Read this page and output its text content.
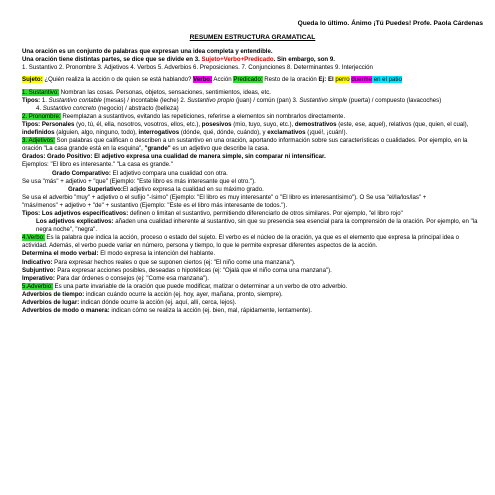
Queda lo último. Ánimo ¡Tú Puedes! Profe. Paola Cárdenas

RESUMEN ESTRUCTURA GRAMATICAL

Una oración es un conjunto de palabras que expresan una idea completa y entendible.

Una oración tiene distintas partes, se dice que se divide en 3. Sujeto+Verbo+Predicado. Sin embargo, son 9.

1. Sustantivo 2. Pronombre 3. Adjetivos 4. Verbos 5. Adverbios 6. Preposiciones. 7. Conjunciones 8. Determinantes 9. Interjección

Sujeto: ¿Quién realiza la acción o de quien se está hablando? Verbo: Acción Predicado: Resto de la oración Ej: El perro duerme en el patio

1. Sustantivo: Nombran las cosas. Personas, objetos, sensaciones, sentimientos, ideas, etc.

Tipos: 1. Sustantivo contable (mesas) / incontable (leche) 2. Sustantivo propio (juan) / común (pan) 3. Sustantivo simple (puerta) / compuesto (lavacoches)

4. Sustantivo concreto (negocio) / abstracto (belleza)

2. Pronombre: Reemplazan a sustantivos, evitando las repeticiones, referirse a elementos sin nombrarlos directamente.

Tipos: Personales (yo, tú, él, ella, nosotros, vosotros, ellos, etc.), posesivos (mio, tuyo, suyo, etc.), demostrativos (este, ese, aquel), relativos (que, quien, el cual), indefinidos (alguien, algo, ninguno, todo), interrogativos (dónde, qué, dónde, cuándo), y exclamativos (¡qué!, ¡cuán!).

3. Adjetivos: Son palabras que califican o describen a un sustantivo en una oración, aportando información sobre sus características o cualidades. Por ejemplo, en la oración "La casa grande está en la esquina", "grande" es un adjetivo que describe la casa.

Grados: Grado Positivo: El adjetivo expresa una cualidad de manera simple, sin comparar ni intensificar.

Ejemplos: "El libro es interesante." "La casa es grande."

Grado Comparativo: El adjetivo compara una cualidad con otra.

Se usa "más" + adjetivo + "que" (Ejemplo: "Este libro es más interesante que el otro.").

Grado Superlativo:El adjetivo expresa la cualidad en su máximo grado.

Se usa el adverbio "muy" + adjetivo o el sufijo "-ísimo" (Ejemplo: "El libro es muy interesante" o "El libro es interesantísimo"). O Se usa "el/la/los/las" +

"más/menos" + adjetivo + "de" + sustantivo (Ejemplo: "Este es el libro más interesante de todos.").

Tipos: Los adjetivos especificativos: definen o limitan el sustantivo, permitiendo diferenciarlo de otros similares. Por ejemplo, "el libro rojo"

Los adjetivos explicativos: añaden una cualidad inherente al sustantivo, sin que su presencia sea esencial para la comprensión de la oración. Por ejemplo, en "la negra noche", "negra".

4.Verbo: Es la palabra que indica la acción, proceso o estado del sujeto. El verbo es el núcleo de la oración, ya que es el elemento que expresa la principal idea o actividad. Además, el verbo puede variar en número, persona y tiempo, lo que le permite expresar diferentes aspectos de la acción.

Determina el modo verbal: El modo expresa la intención del hablante.

Indicativo: Para expresar hechos reales o que se suponen ciertos (ej: "El niño come una manzana").

Subjuntivo: Para expresar acciones posibles, deseadas o hipotéticas (ej: "Ojalá que el niño coma una manzana").

Imperativo: Para dar órdenes o consejos (ej: "Come esa manzana").

5.Adverbio: Es una parte invariable de la oración que puede modificar, matizar o determinar a un verbo de otro adverbio.

Adverbios de tiempo: indican cuándo ocurre la acción (ej. hoy, ayer, mañana, pronto, siempre).

Adverbios de lugar: indican dónde ocurre la acción (ej. aquí, allí, cerca, lejos).

Adverbios de modo o manera: indican cómo se realiza la acción (ej. bien, mal, rápidamente, lentamente).
